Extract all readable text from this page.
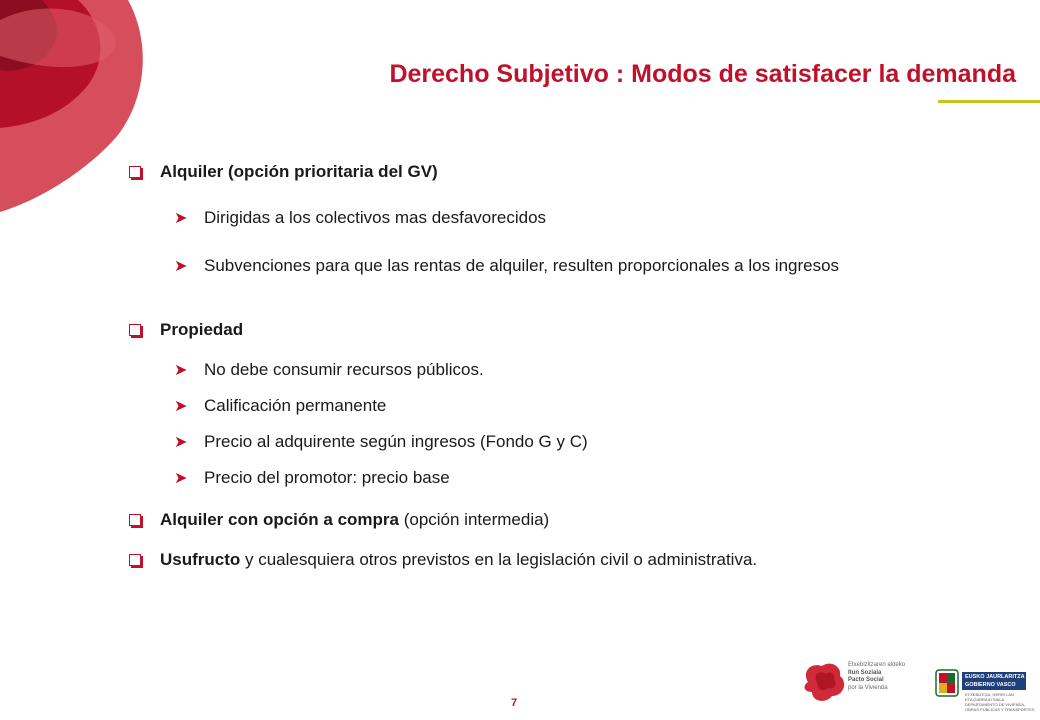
Derecho Subjetivo : Modos de satisfacer la demanda
Alquiler (opción prioritaria del GV)
➤ Dirigidas a los colectivos mas desfavorecidos
➤ Subvenciones para que las rentas de alquiler, resulten proporcionales a los ingresos
Propiedad
➤ No debe consumir recursos públicos.
➤ Calificación permanente
➤ Precio al adquirente según ingresos (Fondo G y C)
➤ Precio del promotor: precio base
Alquiler con opción a compra (opción intermedia)
Usufructo y cualesquiera otros previstos en la legislación civil o administrativa.
7
Etxebizitzaren aldeko
Itun Soziala
Pacto Social
por la Vivienda
EUSKO JAURLARITZA
GOBIERNO VASCO
ETXEBIZITZA, HERRI LAN
ETA GARRAIO SAILA
DEPARTAMENTO DE VIVIENDA,
OBRAS PÚBLICAS Y TRANSPORTES
